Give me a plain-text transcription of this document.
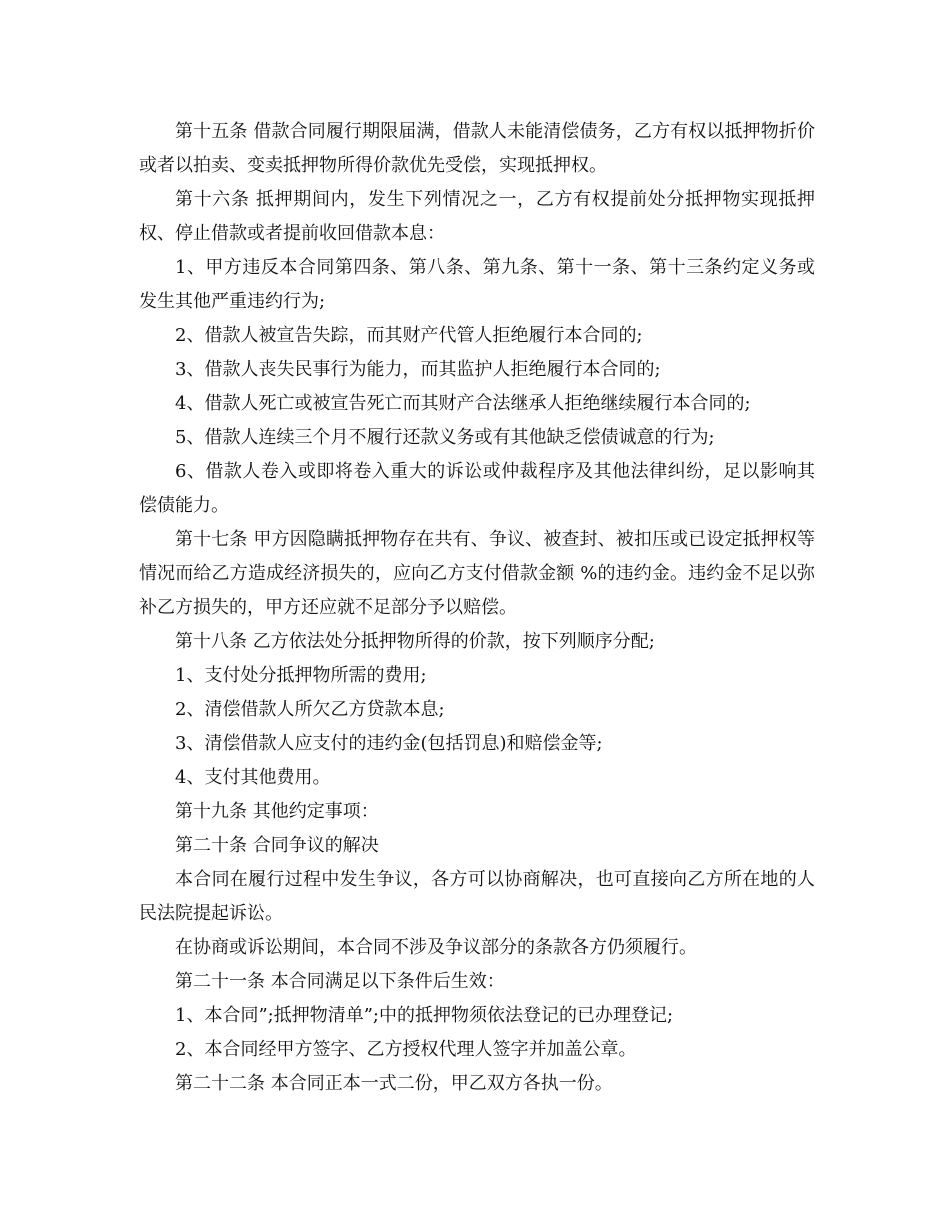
第十五条 借款合同履行期限届满，借款人未能清偿债务，乙方有权以抵押物折价或者以拍卖、变卖抵押物所得价款优先受偿，实现抵押权。

第十六条 抵押期间内，发生下列情况之一，乙方有权提前处分抵押物实现抵押权、停止借款或者提前收回借款本息：

1、甲方违反本合同第四条、第八条、第九条、第十一条、第十三条约定义务或发生其他严重违约行为;

2、借款人被宣告失踪，而其财产代管人拒绝履行本合同的;

3、借款人丧失民事行为能力，而其监护人拒绝履行本合同的;

4、借款人死亡或被宣告死亡而其财产合法继承人拒绝继续履行本合同的;

5、借款人连续三个月不履行还款义务或有其他缺乏偿债诚意的行为;

6、借款人卷入或即将卷入重大的诉讼或仲裁程序及其他法律纠纷，足以影响其偿债能力。

第十七条 甲方因隐瞒抵押物存在共有、争议、被查封、被扣压或已设定抵押权等情况而给乙方造成经济损失的，应向乙方支付借款金额 %的违约金。违约金不足以弥补乙方损失的，甲方还应就不足部分予以赔偿。

第十八条 乙方依法处分抵押物所得的价款，按下列顺序分配;

1、支付处分抵押物所需的费用;

2、清偿借款人所欠乙方贷款本息;

3、清偿借款人应支付的违约金(包括罚息)和赔偿金等;

4、支付其他费用。

第十九条 其他约定事项：

第二十条 合同争议的解决

本合同在履行过程中发生争议，各方可以协商解决，也可直接向乙方所在地的人民法院提起诉讼。

在协商或诉讼期间，本合同不涉及争议部分的条款各方仍须履行。

第二十一条 本合同满足以下条件后生效：

1、本合同”;抵押物清单”;中的抵押物须依法登记的已办理登记;

2、本合同经甲方签字、乙方授权代理人签字并加盖公章。

第二十二条 本合同正本一式二份，甲乙双方各执一份。
